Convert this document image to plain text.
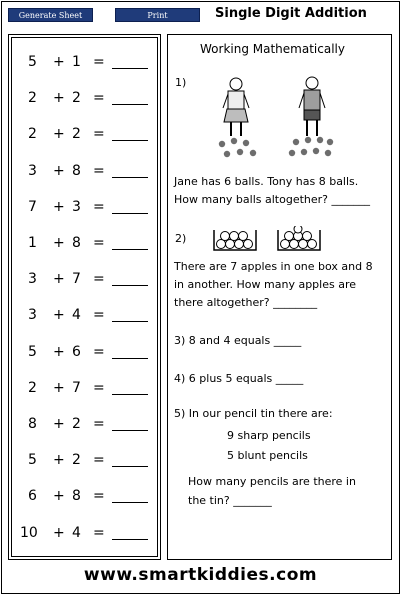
Generate Sheet	Print	Single Digit Addition
5 + 1 =
2 + 2 =
2 + 2 =
3 + 8 =
7 + 3 =
1 + 8 =
3 + 7 =
3 + 4 =
5 + 6 =
2 + 7 =
8 + 2 =
5 + 2 =
6 + 8 =
10 + 4 =
Working Mathematically
1)
Jane has 6 balls. Tony has 8 balls.
How many balls altogether? _______
2)
There are 7 apples in one box and 8
in another. How many apples are
there altogether? ________
3) 8 and 4 equals _____
4) 6 plus 5 equals _____
5) In our pencil tin there are:
9 sharp pencils
5 blunt pencils
How many pencils are there in
the tin? _______
www.smartkiddies.com
